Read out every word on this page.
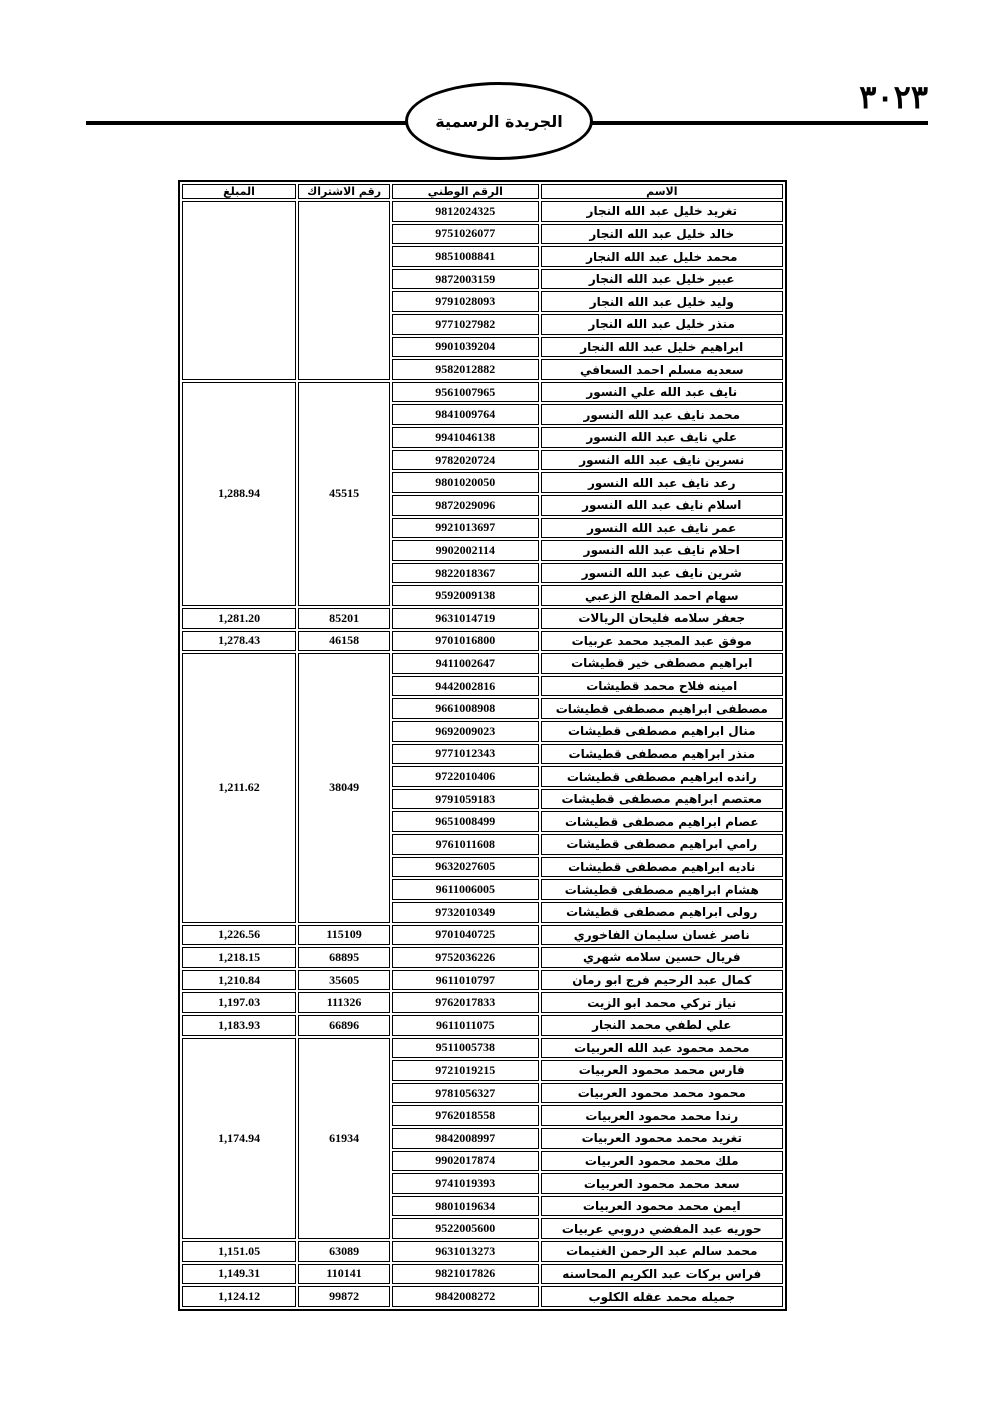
الجريدة الرسمية
٣٠٢٣
المبلغ	رقم الاشتراك	الرقم الوطني	الاسم
		9812024325	تغريد خليل عبد الله النجار
		9751026077	خالد خليل عبد الله النجار
		9851008841	محمد خليل عبد الله النجار
		9872003159	عبير خليل عبد الله النجار
		9791028093	وليد خليل عبد الله النجار
		9771027982	منذر خليل عبد الله النجار
		9901039204	ابراهيم خليل عبد الله النجار
		9582012882	سعديه مسلم احمد السعافي
1,288.94	45515	9561007965	نايف عبد الله علي النسور
		9841009764	محمد نايف عبد الله النسور
		9941046138	علي نايف عبد الله النسور
		9782020724	نسرين نايف عبد الله النسور
		9801020050	رعد نايف عبد الله النسور
		9872029096	اسلام نايف عبد الله النسور
		9921013697	عمر نايف عبد الله النسور
		9902002114	احلام نايف عبد الله النسور
		9822018367	شرين نايف عبد الله النسور
		9592009138	سهام احمد المفلح الزعبي
1,281.20	85201	9631014719	جعفر سلامه فليحان الريالات
1,278.43	46158	9701016800	موفق عبد المجيد محمد عربيات
1,211.62	38049	9411002647	ابراهيم مصطفى خير قطيشات
		9442002816	امينه فلاح محمد قطيشات
		9661008908	مصطفى ابراهيم مصطفى قطيشات
		9692009023	منال ابراهيم مصطفى قطيشات
		9771012343	منذر ابراهيم مصطفى قطيشات
		9722010406	رانده ابراهيم مصطفى قطيشات
		9791059183	معتصم ابراهيم مصطفى قطيشات
		9651008499	عصام ابراهيم مصطفى قطيشات
		9761011608	رامي ابراهيم مصطفى قطيشات
		9632027605	ناديه ابراهيم مصطفى قطيشات
		9611006005	هشام ابراهيم مصطفى قطيشات
		9732010349	رولى ابراهيم مصطفى قطيشات
1,226.56	115109	9701040725	ناصر غسان سليمان الفاخوري
1,218.15	68895	9752036226	فريال حسين سلامه شهري
1,210.84	35605	9611010797	كمال عبد الرحيم فرج ابو رمان
1,197.03	111326	9762017833	نياز تركي محمد ابو الزيت
1,183.93	66896	9611011075	علي لطفي محمد النجار
1,174.94	61934	9511005738	محمد محمود عبد الله العربيات
		9721019215	فارس محمد محمود العربيات
		9781056327	محمود محمد محمود العربيات
		9762018558	رندا محمد محمود العربيات
		9842008997	تغريد محمد محمود العربيات
		9902017874	ملك محمد محمود العربيات
		9741019393	سعد محمد محمود العربيات
		9801019634	ايمن محمد محمود العربيات
		9522005600	حوريه عبد المفضي دروبي عربيات
1,151.05	63089	9631013273	محمد سالم عبد الرحمن الغنيمات
1,149.31	110141	9821017826	فراس بركات عبد الكريم المحاسنه
1,124.12	99872	9842008272	جميله محمد عقله الكلوب
